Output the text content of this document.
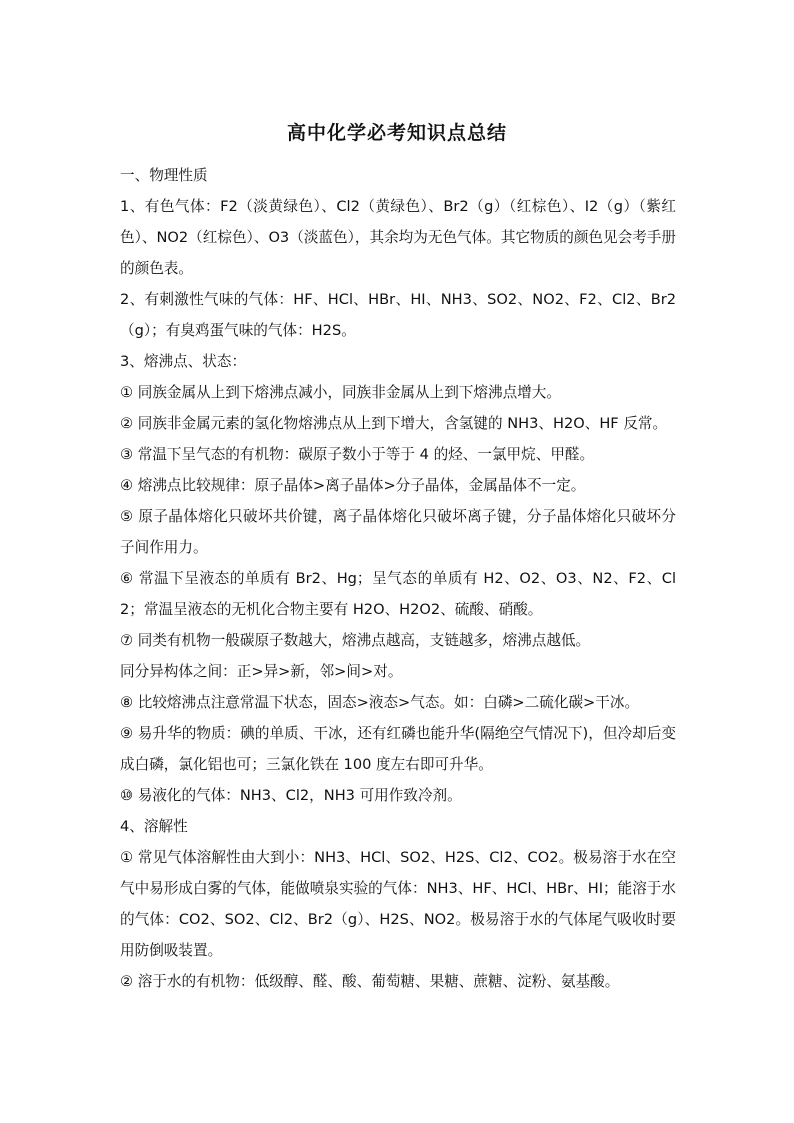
高中化学必考知识点总结

一、物理性质

1、有色气体：F2（淡黄绿色）、Cl2（黄绿色）、Br2（g）（红棕色）、I2（g）（紫红色）、NO2（红棕色）、O3（淡蓝色），其余均为无色气体。其它物质的颜色见会考手册的颜色表。

2、有刺激性气味的气体：HF、HCl、HBr、HI、NH3、SO2、NO2、F2、Cl2、Br2（g）；有臭鸡蛋气味的气体：H2S。

3、熔沸点、状态：

① 同族金属从上到下熔沸点减小，同族非金属从上到下熔沸点增大。

② 同族非金属元素的氢化物熔沸点从上到下增大，含氢键的 NH3、H2O、HF 反常。

③ 常温下呈气态的有机物：碳原子数小于等于 4 的烃、一氯甲烷、甲醛。

④ 熔沸点比较规律：原子晶体>离子晶体>分子晶体，金属晶体不一定。

⑤ 原子晶体熔化只破坏共价键，离子晶体熔化只破坏离子键，分子晶体熔化只破坏分子间作用力。

⑥ 常温下呈液态的单质有 Br2、Hg；呈气态的单质有 H2、O2、O3、N2、F2、Cl2；常温呈液态的无机化合物主要有 H2O、H2O2、硫酸、硝酸。

⑦ 同类有机物一般碳原子数越大，熔沸点越高，支链越多，熔沸点越低。

同分异构体之间：正>异>新，邻>间>对。

⑧ 比较熔沸点注意常温下状态，固态>液态>气态。如：白磷>二硫化碳>干冰。

⑨ 易升华的物质：碘的单质、干冰，还有红磷也能升华(隔绝空气情况下)，但冷却后变成白磷，氯化铝也可；三氯化铁在 100 度左右即可升华。

⑩ 易液化的气体：NH3、Cl2，NH3 可用作致冷剂。

4、溶解性

① 常见气体溶解性由大到小：NH3、HCl、SO2、H2S、Cl2、CO2。极易溶于水在空气中易形成白雾的气体，能做喷泉实验的气体：NH3、HF、HCl、HBr、HI；能溶于水的气体：CO2、SO2、Cl2、Br2（g）、H2S、NO2。极易溶于水的气体尾气吸收时要用防倒吸装置。

② 溶于水的有机物：低级醇、醛、酸、葡萄糖、果糖、蔗糖、淀粉、氨基酸。
